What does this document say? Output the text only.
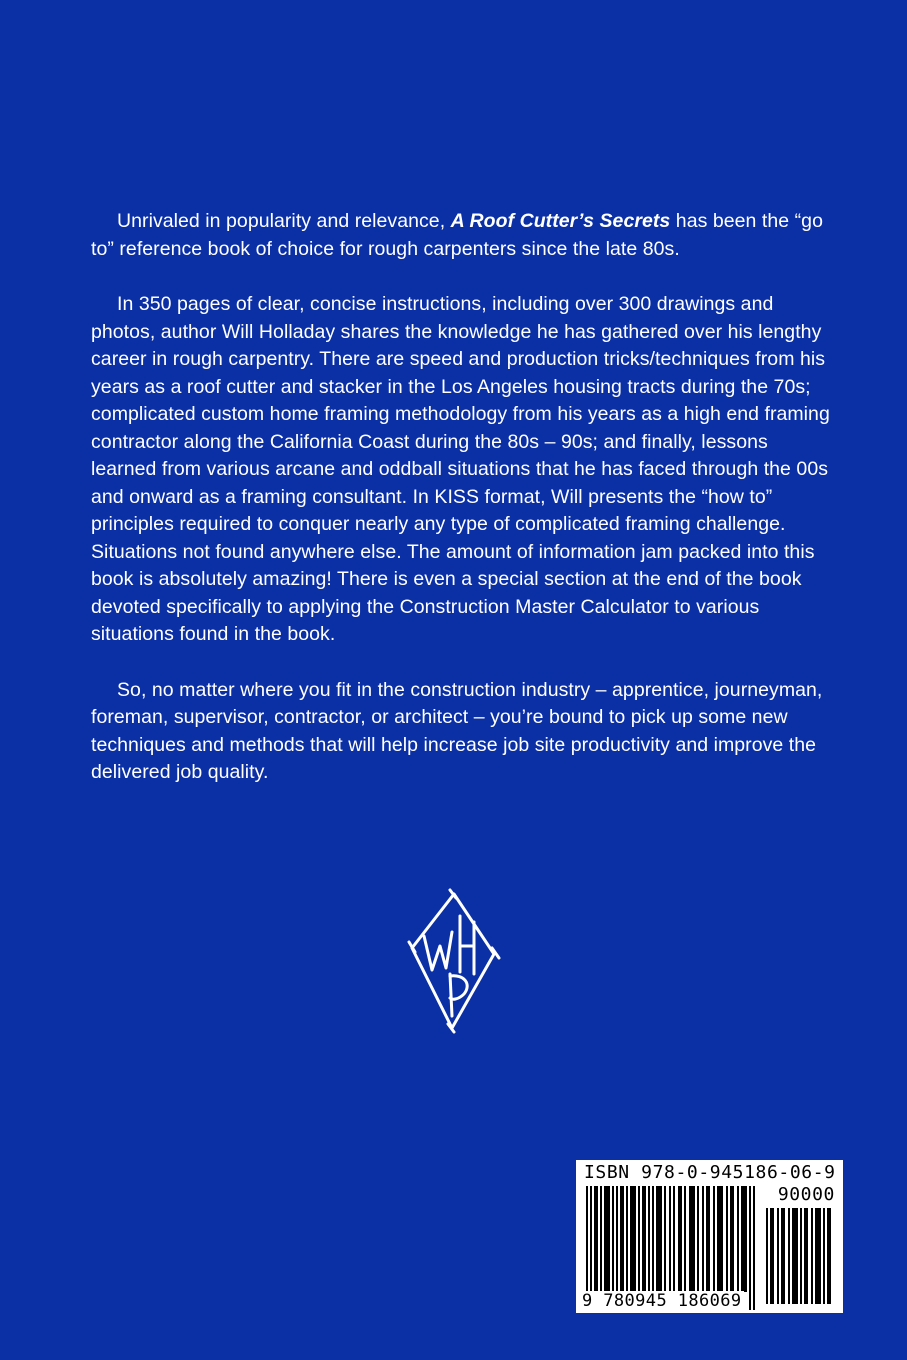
Unrivaled in popularity and relevance, A Roof Cutter’s Secrets has been the “go to” reference book of choice for rough carpenters since the late 80s.

In 350 pages of clear, concise instructions, including over 300 drawings and photos, author Will Holladay shares the knowledge he has gathered over his lengthy career in rough carpentry. There are speed and production tricks/techniques from his years as a roof cutter and stacker in the Los Angeles housing tracts during the 70s; complicated custom home framing methodology from his years as a high end framing contractor along the California Coast during the 80s – 90s; and finally, lessons learned from various arcane and oddball situations that he has faced through the 00s and onward as a framing consultant. In KISS format, Will presents the “how to” principles required to conquer nearly any type of complicated framing challenge. Situations not found anywhere else. The amount of information jam packed into this book is absolutely amazing! There is even a special section at the end of the book devoted specifically to applying the Construction Master Calculator to various situations found in the book.

So, no matter where you fit in the construction industry – apprentice, journeyman, foreman, supervisor, contractor, or architect – you’re bound to pick up some new techniques and methods that will help increase job site productivity and improve the delivered job quality.

ISBN 978-0-945186-06-9
90000
9 780945 186069
